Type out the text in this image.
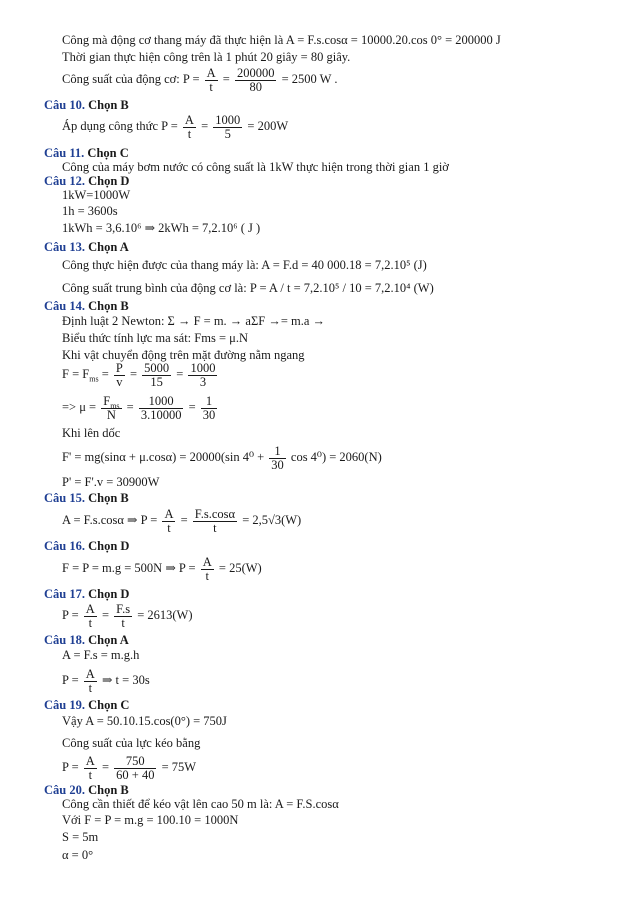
Công mà động cơ thang máy đã thực hiện là A = F.s.cosα = 10000.20.cos 0° = 200000 J
Thời gian thực hiện công trên là 1 phút 20 giây = 80 giây.
Công suất của động cơ: $P = \frac{A}{t} = \frac{200000}{80} = 2500$ W .
Câu 10. Chọn B
Áp dụng công thức $P = \frac{A}{t} = \frac{1000}{5} = 200W$
Câu 11. Chọn C
Công của máy bơm nước có công suất là 1kW thực hiện trong thời gian 1 giờ
Câu 12. Chọn D
1kW=1000W
1h = 3600s
1kWh = 3,6.10⁶ ⇒ 2kWh = 7,2.10⁶ ( J )
Câu 13. Chọn A
Công thực hiện được của thang máy là: A = F.d = 40 000.18 = 7,2.10⁵ (J)
Công suất trung bình của động cơ là: P = A / t = 7,2.10⁵ / 10 = 7,2.10⁴ (W)
Câu 14. Chọn B
Định luật 2 Newton: Σ → F = m. → aΣF →= m.a →
Biểu thức tính lực ma sát: Fms = μ.N
Khi vật chuyển động trên mặt đường nằm ngang
$F = F_{ms} = \frac{P}{v} = \frac{5000}{15} = \frac{1000}{3}$
=> $\mu = \frac{F_{ms}}{N} = \frac{1000}{3.10000} = \frac{1}{30}$
Khi lên dốc
F' = mg(sinα + μ.cosα) = 20000(sin $4^0 + \frac{1}{30}$ cos 4⁰) = 2060(N)
P' = F'.v = 30900W
Câu 15. Chọn B
A = F.s.cosα ⇒ $P = \frac{A}{t} = \frac{F.s.\cos\alpha}{t} = 2,5√3(W)$
Câu 16. Chọn D
F = P = m.g = 500N ⇒ $P = \frac{A}{t} = 25(W)$
Câu 17. Chọn D
$P = \frac{A}{t} = \frac{F.s}{t} = 2613(W)$
Câu 18. Chọn A
A = F.s = m.g.h
$P = \frac{A}{t}$ ⇒ t = 30s
Câu 19. Chọn C
Vậy A = 50.10.15.cos(0°) = 750J
Công suất của lực kéo bằng
$P = \frac{A}{t} = \frac{750}{60 + 40} = 75W$
Câu 20. Chọn B
Công cần thiết để kéo vật lên cao 50 m là: A = F.S.cosα
Với F = P = m.g = 100.10 = 1000N
S = 5m
α = 0°
